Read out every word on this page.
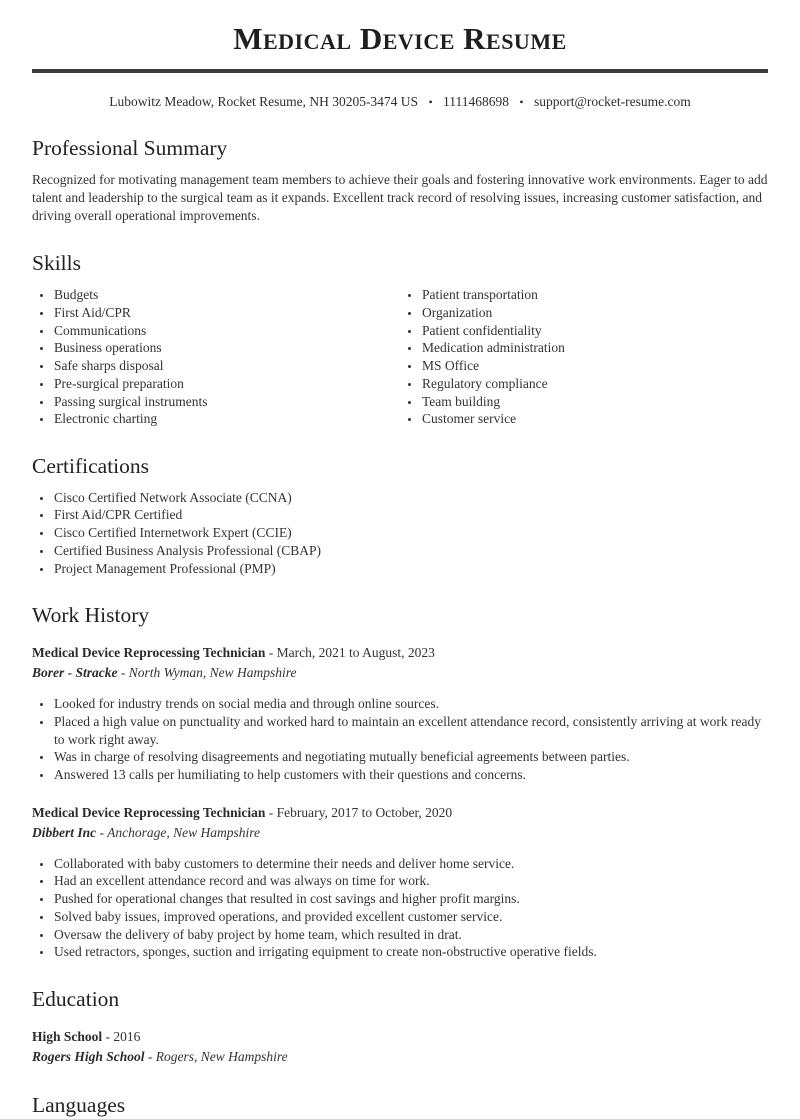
Medical Device Resume
Lubowitz Meadow, Rocket Resume, NH 30205-3474 US • 1111468698 • support@rocket-resume.com
Professional Summary

Recognized for motivating management team members to achieve their goals and fostering innovative work environments. Eager to add talent and leadership to the surgical team as it expands. Excellent track record of resolving issues, increasing customer satisfaction, and driving overall operational improvements.

Skills
• Budgets
• First Aid/CPR
• Communications
• Business operations
• Safe sharps disposal
• Pre-surgical preparation
• Passing surgical instruments
• Electronic charting
• Patient transportation
• Organization
• Patient confidentiality
• Medication administration
• MS Office
• Regulatory compliance
• Team building
• Customer service
Certifications
• Cisco Certified Network Associate (CCNA)
• First Aid/CPR Certified
• Cisco Certified Internetwork Expert (CCIE)
• Certified Business Analysis Professional (CBAP)
• Project Management Professional (PMP)
Work History
Medical Device Reprocessing Technician - March, 2021 to August, 2023
Borer - Stracke - North Wyman, New Hampshire
• Looked for industry trends on social media and through online sources.
• Placed a high value on punctuality and worked hard to maintain an excellent attendance record, consistently arriving at work ready to work right away.
• Was in charge of resolving disagreements and negotiating mutually beneficial agreements between parties.
• Answered 13 calls per humiliating to help customers with their questions and concerns.
Medical Device Reprocessing Technician - February, 2017 to October, 2020
Dibbert Inc - Anchorage, New Hampshire
• Collaborated with baby customers to determine their needs and deliver home service.
• Had an excellent attendance record and was always on time for work.
• Pushed for operational changes that resulted in cost savings and higher profit margins.
• Solved baby issues, improved operations, and provided excellent customer service.
• Oversaw the delivery of baby project by home team, which resulted in drat.
• Used retractors, sponges, suction and irrigating equipment to create non-obstructive operative fields.
Education
High School - 2016
Rogers High School - Rogers, New Hampshire
Languages
